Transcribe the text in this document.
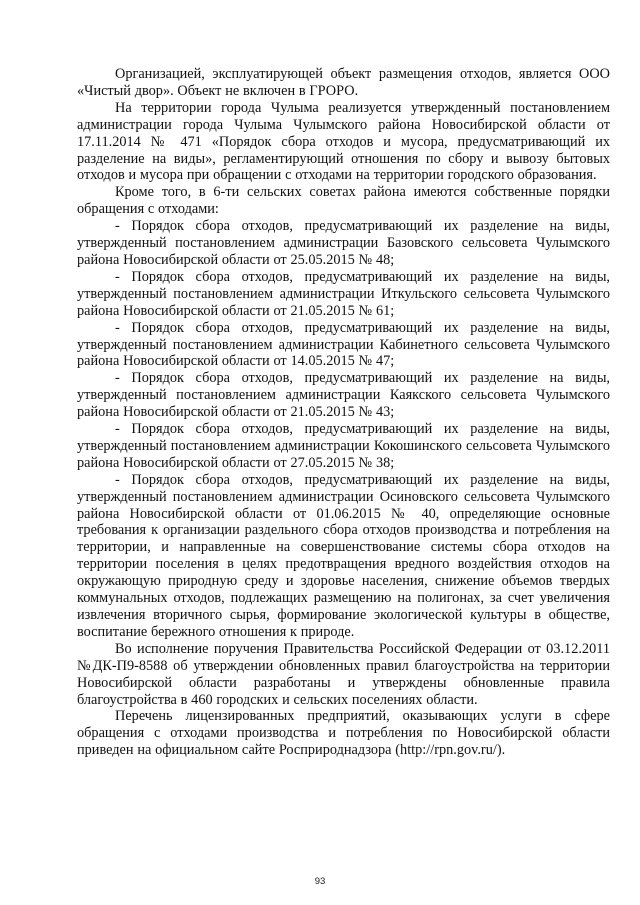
Организацией, эксплуатирующей объект размещения отходов, является ООО «Чистый двор». Объект не включен в ГРОРО.

На территории города Чулыма реализуется утвержденный постановлением администрации города Чулыма Чулымского района Новосибирской области от 17.11.2014 № 471 «Порядок сбора отходов и мусора, предусматривающий их разделение на виды», регламентирующий отношения по сбору и вывозу бытовых отходов и мусора при обращении с отходами на территории городского образования.

Кроме того, в 6-ти сельских советах района имеются собственные порядки обращения с отходами:

- Порядок сбора отходов, предусматривающий их разделение на виды, утвержденный постановлением администрации Базовского сельсовета Чулымского района Новосибирской области от 25.05.2015 № 48;

- Порядок сбора отходов, предусматривающий их разделение на виды, утвержденный постановлением администрации Иткульского сельсовета Чулымского района Новосибирской области от 21.05.2015 № 61;

- Порядок сбора отходов, предусматривающий их разделение на виды, утвержденный постановлением администрации Кабинетного сельсовета Чулымского района Новосибирской области от 14.05.2015 № 47;

- Порядок сбора отходов, предусматривающий их разделение на виды, утвержденный постановлением администрации Каякского сельсовета Чулымского района Новосибирской области от 21.05.2015 № 43;

- Порядок сбора отходов, предусматривающий их разделение на виды, утвержденный постановлением администрации Кокошинского сельсовета Чулымского района Новосибирской области от 27.05.2015 № 38;

- Порядок сбора отходов, предусматривающий их разделение на виды, утвержденный постановлением администрации Осиновского сельсовета Чулымского района Новосибирской области от 01.06.2015 № 40, определяющие основные требования к организации раздельного сбора отходов производства и потребления на территории, и направленные на совершенствование системы сбора отходов на территории поселения в целях предотвращения вредного воздействия отходов на окружающую природную среду и здоровье населения, снижение объемов твердых коммунальных отходов, подлежащих размещению на полигонах, за счет увеличения извлечения вторичного сырья, формирование экологической культуры в обществе, воспитание бережного отношения к природе.

Во исполнение поручения Правительства Российской Федерации от 03.12.2011 №ДК-П9-8588 об утверждении обновленных правил благоустройства на территории Новосибирской области разработаны и утверждены обновленные правила благоустройства в 460 городских и сельских поселениях области.

Перечень лицензированных предприятий, оказывающих услуги в сфере обращения с отходами производства и потребления по Новосибирской области приведен на официальном сайте Росприроднадзора (http://rpn.gov.ru/).

93
